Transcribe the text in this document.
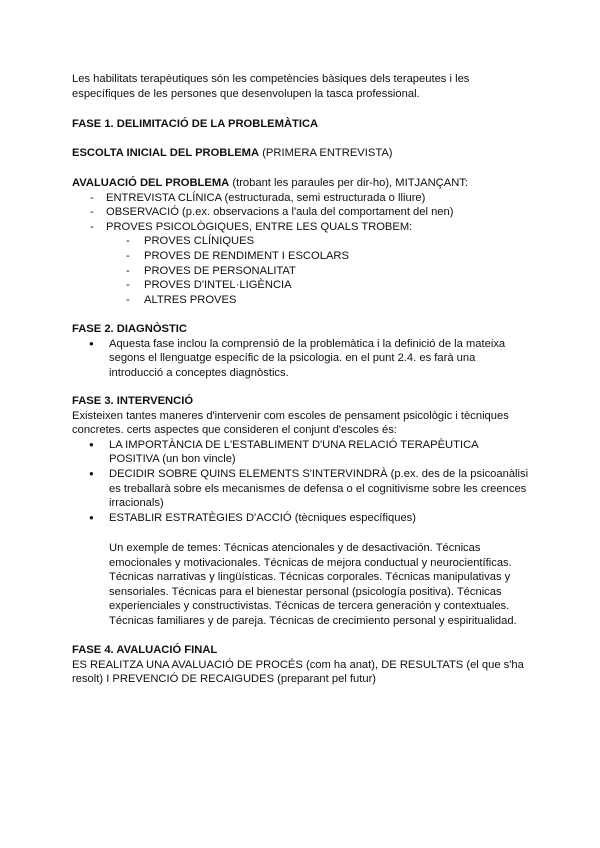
Les habilitats terapèutiques són les competències bàsiques dels terapeutes i les

específiques de les persones que desenvolupen la tasca professional.

FASE 1. DELIMITACIÓ DE LA PROBLEMÀTICA

ESCOLTA INICIAL DEL PROBLEMA (PRIMERA ENTREVISTA)

AVALUACIÓ DEL PROBLEMA (trobant les paraules per dir-ho), MITJANÇANT:

- ENTREVISTA CLÍNICA (estructurada, semi estructurada o lliure)
- OBSERVACIÓ (p.ex. observacions a l'aula del comportament del nen)
- PROVES PSICOLÒGIQUES, ENTRE LES QUALS TROBEM:
- PROVES CLÍNIQUES
- PROVES DE RENDIMENT I ESCOLARS
- PROVES DE PERSONALITAT
- PROVES D'INTEL·LIGÈNCIA
- ALTRES PROVES

FASE 2. DIAGNÒSTIC

● Aquesta fase inclou la comprensió de la problemàtica i la definició de la mateixa
segons el llenguatge específic de la psicologia. en el punt 2.4. es farà una
introducció a conceptes diagnòstics.

FASE 3. INTERVENCIÓ

Existeixen tantes maneres d'intervenir com escoles de pensament psicològic i tècniques

concretes. certs aspectes que consideren el conjunt d'escoles és:

● LA IMPORTÀNCIA DE L'ESTABLIMENT D'UNA RELACIÓ TERAPÈUTICA
POSITIVA (un bon vincle)
● DECIDIR SOBRE QUINS ELEMENTS S'INTERVINDRÀ (p.ex. des de la psicoanàlisi
es treballarà sobre els mecanismes de defensa o el cognitivisme sobre les creences
irracionals)
● ESTABLIR ESTRATÈGIES D'ACCIÓ (tècniques específiques)

Un exemple de temes: Técnicas atencionales y de desactivación. Técnicas

emocionales y motivacionales. Técnicas de mejora conductual y neurocientíficas.

Técnicas narrativas y lingüísticas. Técnicas corporales. Técnicas manipulativas y

sensoriales. Técnicas para el bienestar personal (psicología positiva). Técnicas

experienciales y constructivistas. Técnicas de tercera generación y contextuales.

Técnicas familiares y de pareja. Técnicas de crecimiento personal y espiritualidad.

FASE 4. AVALUACIÓ FINAL

ES REALITZA UNA AVALUACIÓ DE PROCÉS (com ha anat), DE RESULTATS (el que s'ha

resolt) I PREVENCIÓ DE RECAIGUDES (preparant pel futur)
